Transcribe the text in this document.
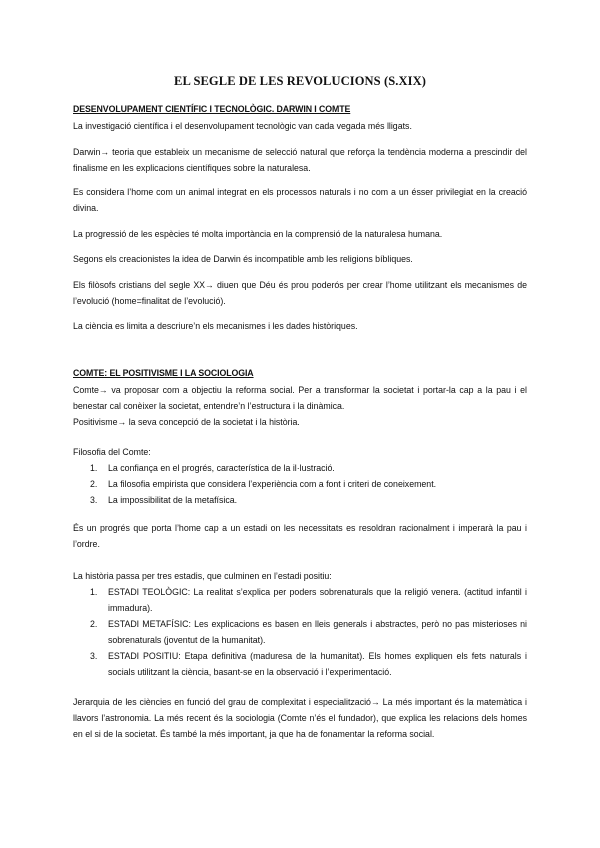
EL SEGLE DE LES REVOLUCIONS (S.XIX)
DESENVOLUPAMENT CIENTÍFIC I TECNOLÒGIC. DARWIN I COMTE
La investigació científica i el desenvolupament tecnològic van cada vegada més lligats.
Darwin→ teoria que estableix un mecanisme de selecció natural que reforça la tendència moderna a prescindir del finalisme en les explicacions científiques sobre la naturalesa.
Es considera l’home com un animal integrat en els processos naturals i no com a un ésser privilegiat en la creació divina.
La progressió de les espècies té molta importància en la comprensió de la naturalesa humana.
Segons els creacionistes la idea de Darwin és incompatible amb les religions bíbliques.
Els filòsofs cristians del segle XX→ diuen que Déu és prou poderós per crear l’home utilitzant els mecanismes de l’evolució (home=finalitat de l’evolució).
La ciència es limita a descriure’n els mecanismes i les dades històriques.
COMTE: EL POSITIVISME I LA SOCIOLOGIA
Comte→ va proposar com a objectiu la reforma social. Per a transformar la societat i portar-la cap a la pau i el benestar cal conèixer la societat, entendre’n l’estructura i la dinàmica.
Positivisme→ la seva concepció de la societat i la història.
Filosofia del Comte:
1. La confiança en el progrés, característica de la il·lustració.
2. La filosofia empirista que considera l’experiència com a font i criteri de coneixement.
3. La impossibilitat de la metafísica.
És un progrés que porta l’home cap a un estadi on les necessitats es resoldran racionalment i imperarà la pau i l’ordre.
La història passa per tres estadis, que culminen en l’estadi positiu:
1. ESTADI TEOLÒGIC: La realitat s’explica per poders sobrenaturals que la religió venera. (actitud infantil i immadura).
2. ESTADI METAFÍSIC: Les explicacions es basen en lleis generals i abstractes, però no pas misterioses ni sobrenaturals (joventut de la humanitat).
3. ESTADI POSITIU: Etapa definitiva (maduresa de la humanitat). Els homes expliquen els fets naturals i socials utilitzant la ciència, basant-se en la observació i l’experimentació.
Jerarquia de les ciències en funció del grau de complexitat i especialització→ La més important és la matemàtica i llavors l’astronomia. La més recent és la sociologia (Comte n’és el fundador), que explica les relacions dels homes en el si de la societat. És també la més important, ja que ha de fonamentar la reforma social.
